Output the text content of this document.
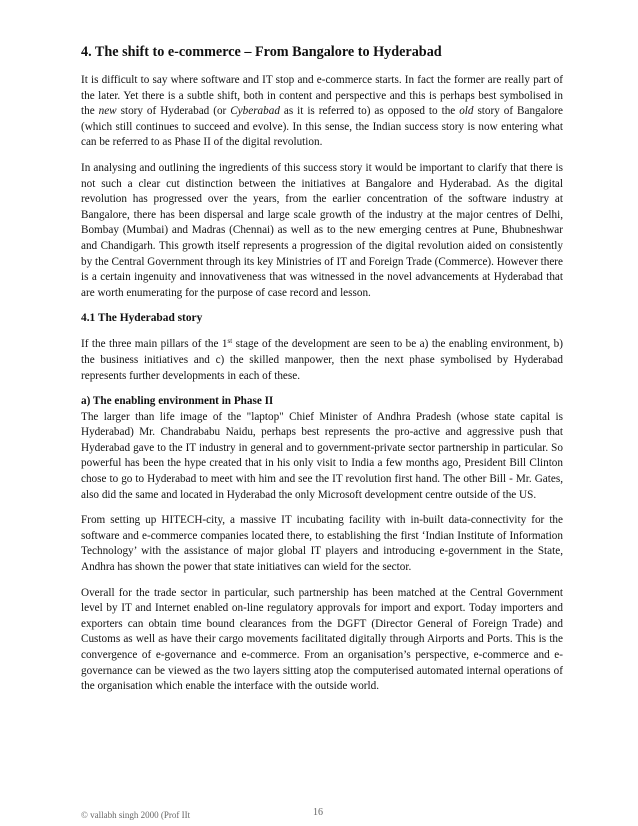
4. The shift to e-commerce – From Bangalore to Hyderabad

It is difficult to say where software and IT stop and e-commerce starts. In fact the former are really part of the later. Yet there is a subtle shift, both in content and perspective and this is perhaps best symbolised in the new story of Hyderabad (or Cyberabad as it is referred to) as opposed to the old story of Bangalore (which still continues to succeed and evolve). In this sense, the Indian success story is now entering what can be referred to as Phase II of the digital revolution.

In analysing and outlining the ingredients of this success story it would be important to clarify that there is not such a clear cut distinction between the initiatives at Bangalore and Hyderabad. As the digital revolution has progressed over the years, from the earlier concentration of the software industry at Bangalore, there has been dispersal and large scale growth of the industry at the major centres of Delhi, Bombay (Mumbai) and Madras (Chennai) as well as to the new emerging centres at Pune, Bhubneshwar and Chandigarh. This growth itself represents a progression of the digital revolution aided on consistently by the Central Government through its key Ministries of IT and Foreign Trade (Commerce). However there is a certain ingenuity and innovativeness that was witnessed in the novel advancements at Hyderabad that are worth enumerating for the purpose of case record and lesson.

4.1 The Hyderabad story

If the three main pillars of the 1st stage of the development are seen to be a) the enabling environment, b) the business initiatives and c) the skilled manpower, then the next phase symbolised by Hyderabad represents further developments in each of these.

a) The enabling environment in Phase II

The larger than life image of the "laptop" Chief Minister of Andhra Pradesh (whose state capital is Hyderabad) Mr. Chandrababu Naidu, perhaps best represents the pro-active and aggressive push that Hyderabad gave to the IT industry in general and to government-private sector partnership in particular. So powerful has been the hype created that in his only visit to India a few months ago, President Bill Clinton chose to go to Hyderabad to meet with him and see the IT revolution first hand. The other Bill - Mr. Gates, also did the same and located in Hyderabad the only Microsoft development centre outside of the US.

From setting up HITECH-city, a massive IT incubating facility with in-built data-connectivity for the software and e-commerce companies located there, to establishing the first ‘Indian Institute of Information Technology’ with the assistance of major global IT players and introducing e-government in the State, Andhra has shown the power that state initiatives can wield for the sector.

Overall for the trade sector in particular, such partnership has been matched at the Central Government level by IT and Internet enabled on-line regulatory approvals for import and export. Today importers and exporters can obtain time bound clearances from the DGFT (Director General of Foreign Trade) and Customs as well as have their cargo movements facilitated digitally through Airports and Ports. This is the convergence of e-governance and e-commerce. From an organisation’s perspective, e-commerce and e-governance can be viewed as the two layers sitting atop the computerised automated internal operations of the organisation which enable the interface with the outside world.

© vallabh singh 2000 (Prof IIt	16
